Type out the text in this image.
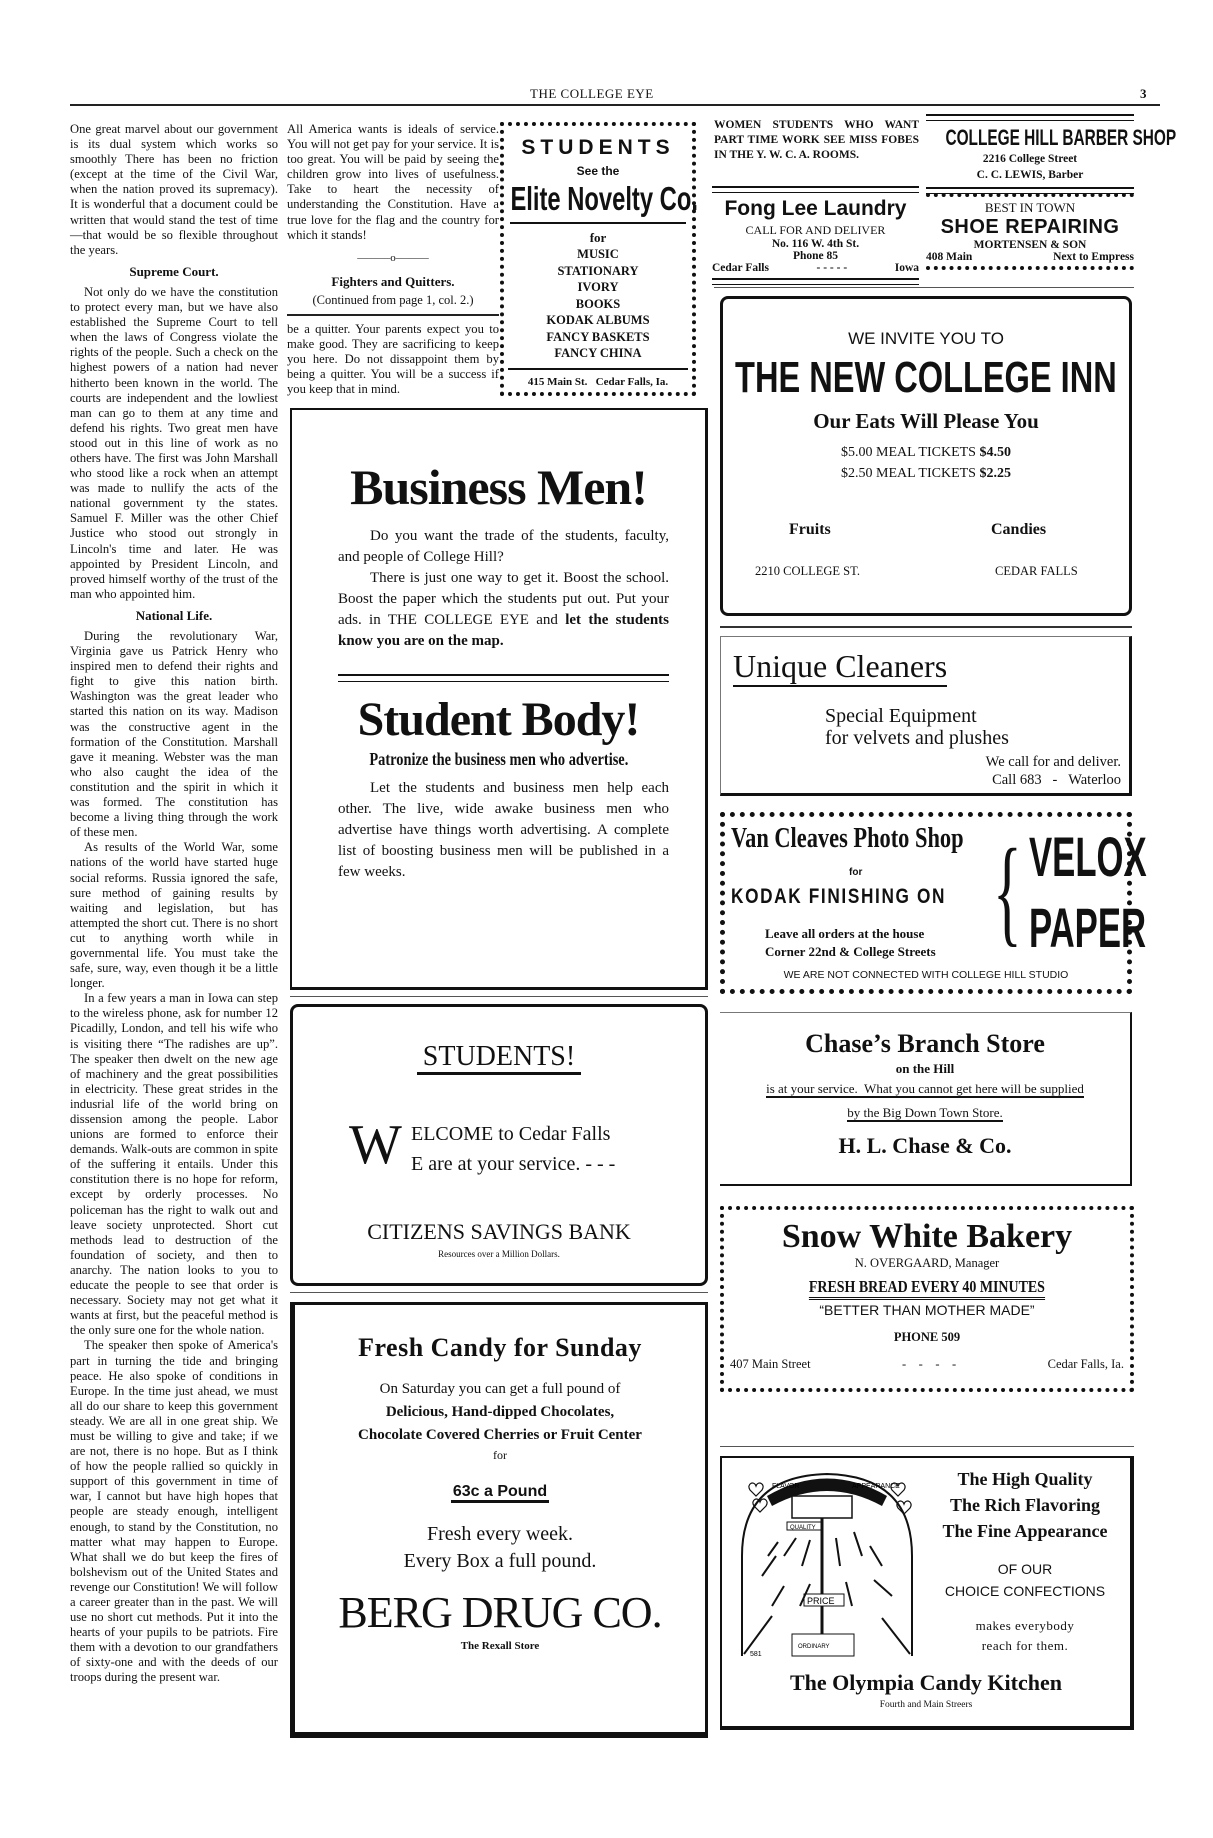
THE COLLEGE EYE	3

One great marvel about our government is its dual system which works so smoothly There has been no friction (except at the time of the Civil War, when the nation proved its supremacy). It is wonderful that a document could be written that would stand the test of time—that would be so flexible throughout the years.

Supreme Court.

Not only do we have the constitution to protect every man, but we have also established the Supreme Court to tell when the laws of Congress violate the rights of the people. Such a check on the highest powers of a nation had never hitherto been known in the world. The courts are independent and the lowliest man can go to them at any time and defend his rights. Two great men have stood out in this line of work as no others have. The first was John Marshall who stood like a rock when an attempt was made to nullify the acts of the national government ty the states. Samuel F. Miller was the other Chief Justice who stood out strongly in Lincoln's time and later. He was appointed by President Lincoln, and proved himself worthy of the trust of the man who appointed him.

National Life.

During the revolutionary War, Virginia gave us Patrick Henry who inspired men to defend their rights and fight to give this nation birth. Washington was the great leader who started this nation on its way. Madison was the constructive agent in the formation of the Constitution. Marshall gave it meaning. Webster was the man who also caught the idea of the constitution and the spirit in which it was formed. The constitution has become a living thing through the work of these men.

As results of the World War, some nations of the world have started huge social reforms. Russia ignored the safe, sure method of gaining results by waiting and legislation, but has attempted the short cut. There is no short cut to anything worth while in governmental life. You must take the safe, sure, way, even though it be a little longer.

In a few years a man in Iowa can step to the wireless phone, ask for number 12 Picadilly, London, and tell his wife who is visiting there “The radishes are up”. The speaker then dwelt on the new age of machinery and the great possibilities in electricity. These great strides in the indusrial life of the world bring on dissension among the people. Labor unions are formed to enforce their demands. Walk-outs are common in spite of the suffering it entails. Under this constitution there is no hope for reform, except by orderly processes. No policeman has the right to walk out and leave society unprotected. Short cut methods lead to destruction of the foundation of society, and then to anarchy. The nation looks to you to educate the people to see that order is necessary. Society may not get what it wants at first, but the peaceful method is the only sure one for the whole nation.

The speaker then spoke of America's part in turning the tide and bringing peace. He also spoke of conditions in Europe. In the time just ahead, we must all do our share to keep this government steady. We are all in one great ship. We must be willing to give and take; if we are not, there is no hope. But as I think of how the people rallied so quickly in support of this government in time of war, I cannot but have high hopes that people are steady enough, intelligent enough, to stand by the Constitution, no matter what may happen to Europe. What shall we do but keep the fires of bolshevism out of the United States and revenge our Constitution! We will follow a career greater than in the past. We will use no short cut methods. Put it into the hearts of your pupils to be patriots. Fire them with a devotion to our grandfathers of sixty-one and with the deeds of our troops during the present war.

All America wants is ideals of service. You will not get pay for your service. It is too great. You will be paid by seeing the children grow into lives of usefulness. Take to heart the necessity of understanding the Constitution. Have a true love for the flag and the country for which it stands!

———o———
Fighters and Quitters.
(Continued from page 1, col. 2.)

be a quitter. Your parents expect you to make good. They are sacrificing to keep you here. Do not dissappoint them by being a quitter. You will be a success if you keep that in mind.

STUDENTS
See the
Elite Novelty Co.
for
MUSIC
STATIONARY
IVORY
BOOKS
KODAK ALBUMS
FANCY BASKETS
FANCY CHINA
415 Main St.   Cedar Falls, Ia.
WOMEN STUDENTS WHO WANT PART TIME WORK SEE MISS FOBES IN THE Y. W. C. A. ROOMS.
COLLEGE HILL BARBER SHOP
2216 College Street
C. C. LEWIS, Barber
Fong Lee Laundry
CALL FOR AND DELIVER
No. 116 W. 4th St.
Phone 85
Cedar Falls	- - - - -	Iowa
BEST IN TOWN
SHOE REPAIRING
MORTENSEN & SON
408 Main	Next to Empress
WE INVITE YOU TO
THE NEW COLLEGE INN
Our Eats Will Please You
$5.00 MEAL TICKETS $4.50
$2.50 MEAL TICKETS $2.25
Fruits	Candies
2210 COLLEGE ST.	CEDAR FALLS
Unique Cleaners
Special Equipment
for velvets and plushes
We call for and deliver.
Call 683 - Waterloo
Van Cleaves Photo Shop
for
KODAK FINISHING ON { VELOX
PAPER
Leave all orders at the house
Corner 22nd & College Streets
WE ARE NOT CONNECTED WITH COLLEGE HILL STUDIO
Chase’s Branch Store
on the Hill
is at your service.  What you cannot get here will be supplied
by the Big Down Town Store.
H. L. Chase & Co.
Snow White Bakery
N. OVERGAARD, Manager
FRESH BREAD EVERY 40 MINUTES
“BETTER THAN MOTHER MADE”
PHONE 509
407 Main Street	-    -    -    -	Cedar Falls, Ia.
QUALITY
PRICE
ORDINARY
581
FLAVOR	APPEARANCE	The High Quality
The Rich Flavoring
The Fine Appearance
OF OUR
CHOICE CONFECTIONS
makes everybody
reach for them.
The Olympia Candy Kitchen
Fourth and Main Streers
Business Men!

Do you want the trade of the students, faculty, and people of College Hill?

There is just one way to get it. Boost the school. Boost the paper which the students put out. Put your ads. in THE COLLEGE EYE and let the students know you are on the map.

Student Body!
Patronize the business men who advertise.
Let the students and business men help each other. The live, wide awake business men who advertise have things worth advertising. A complete list of boosting business men will be published in a few weeks.
STUDENTS!
W ELCOME to Cedar Falls
E are at your service. - - -
CITIZENS SAVINGS BANK
Resources over a Million Dollars.
Fresh Candy for Sunday
On Saturday you can get a full pound of
Delicious, Hand-dipped Chocolates,
Chocolate Covered Cherries or Fruit Center
for
63c a Pound
Fresh every week.
Every Box a full pound.
BERG DRUG CO.
The Rexall Store
